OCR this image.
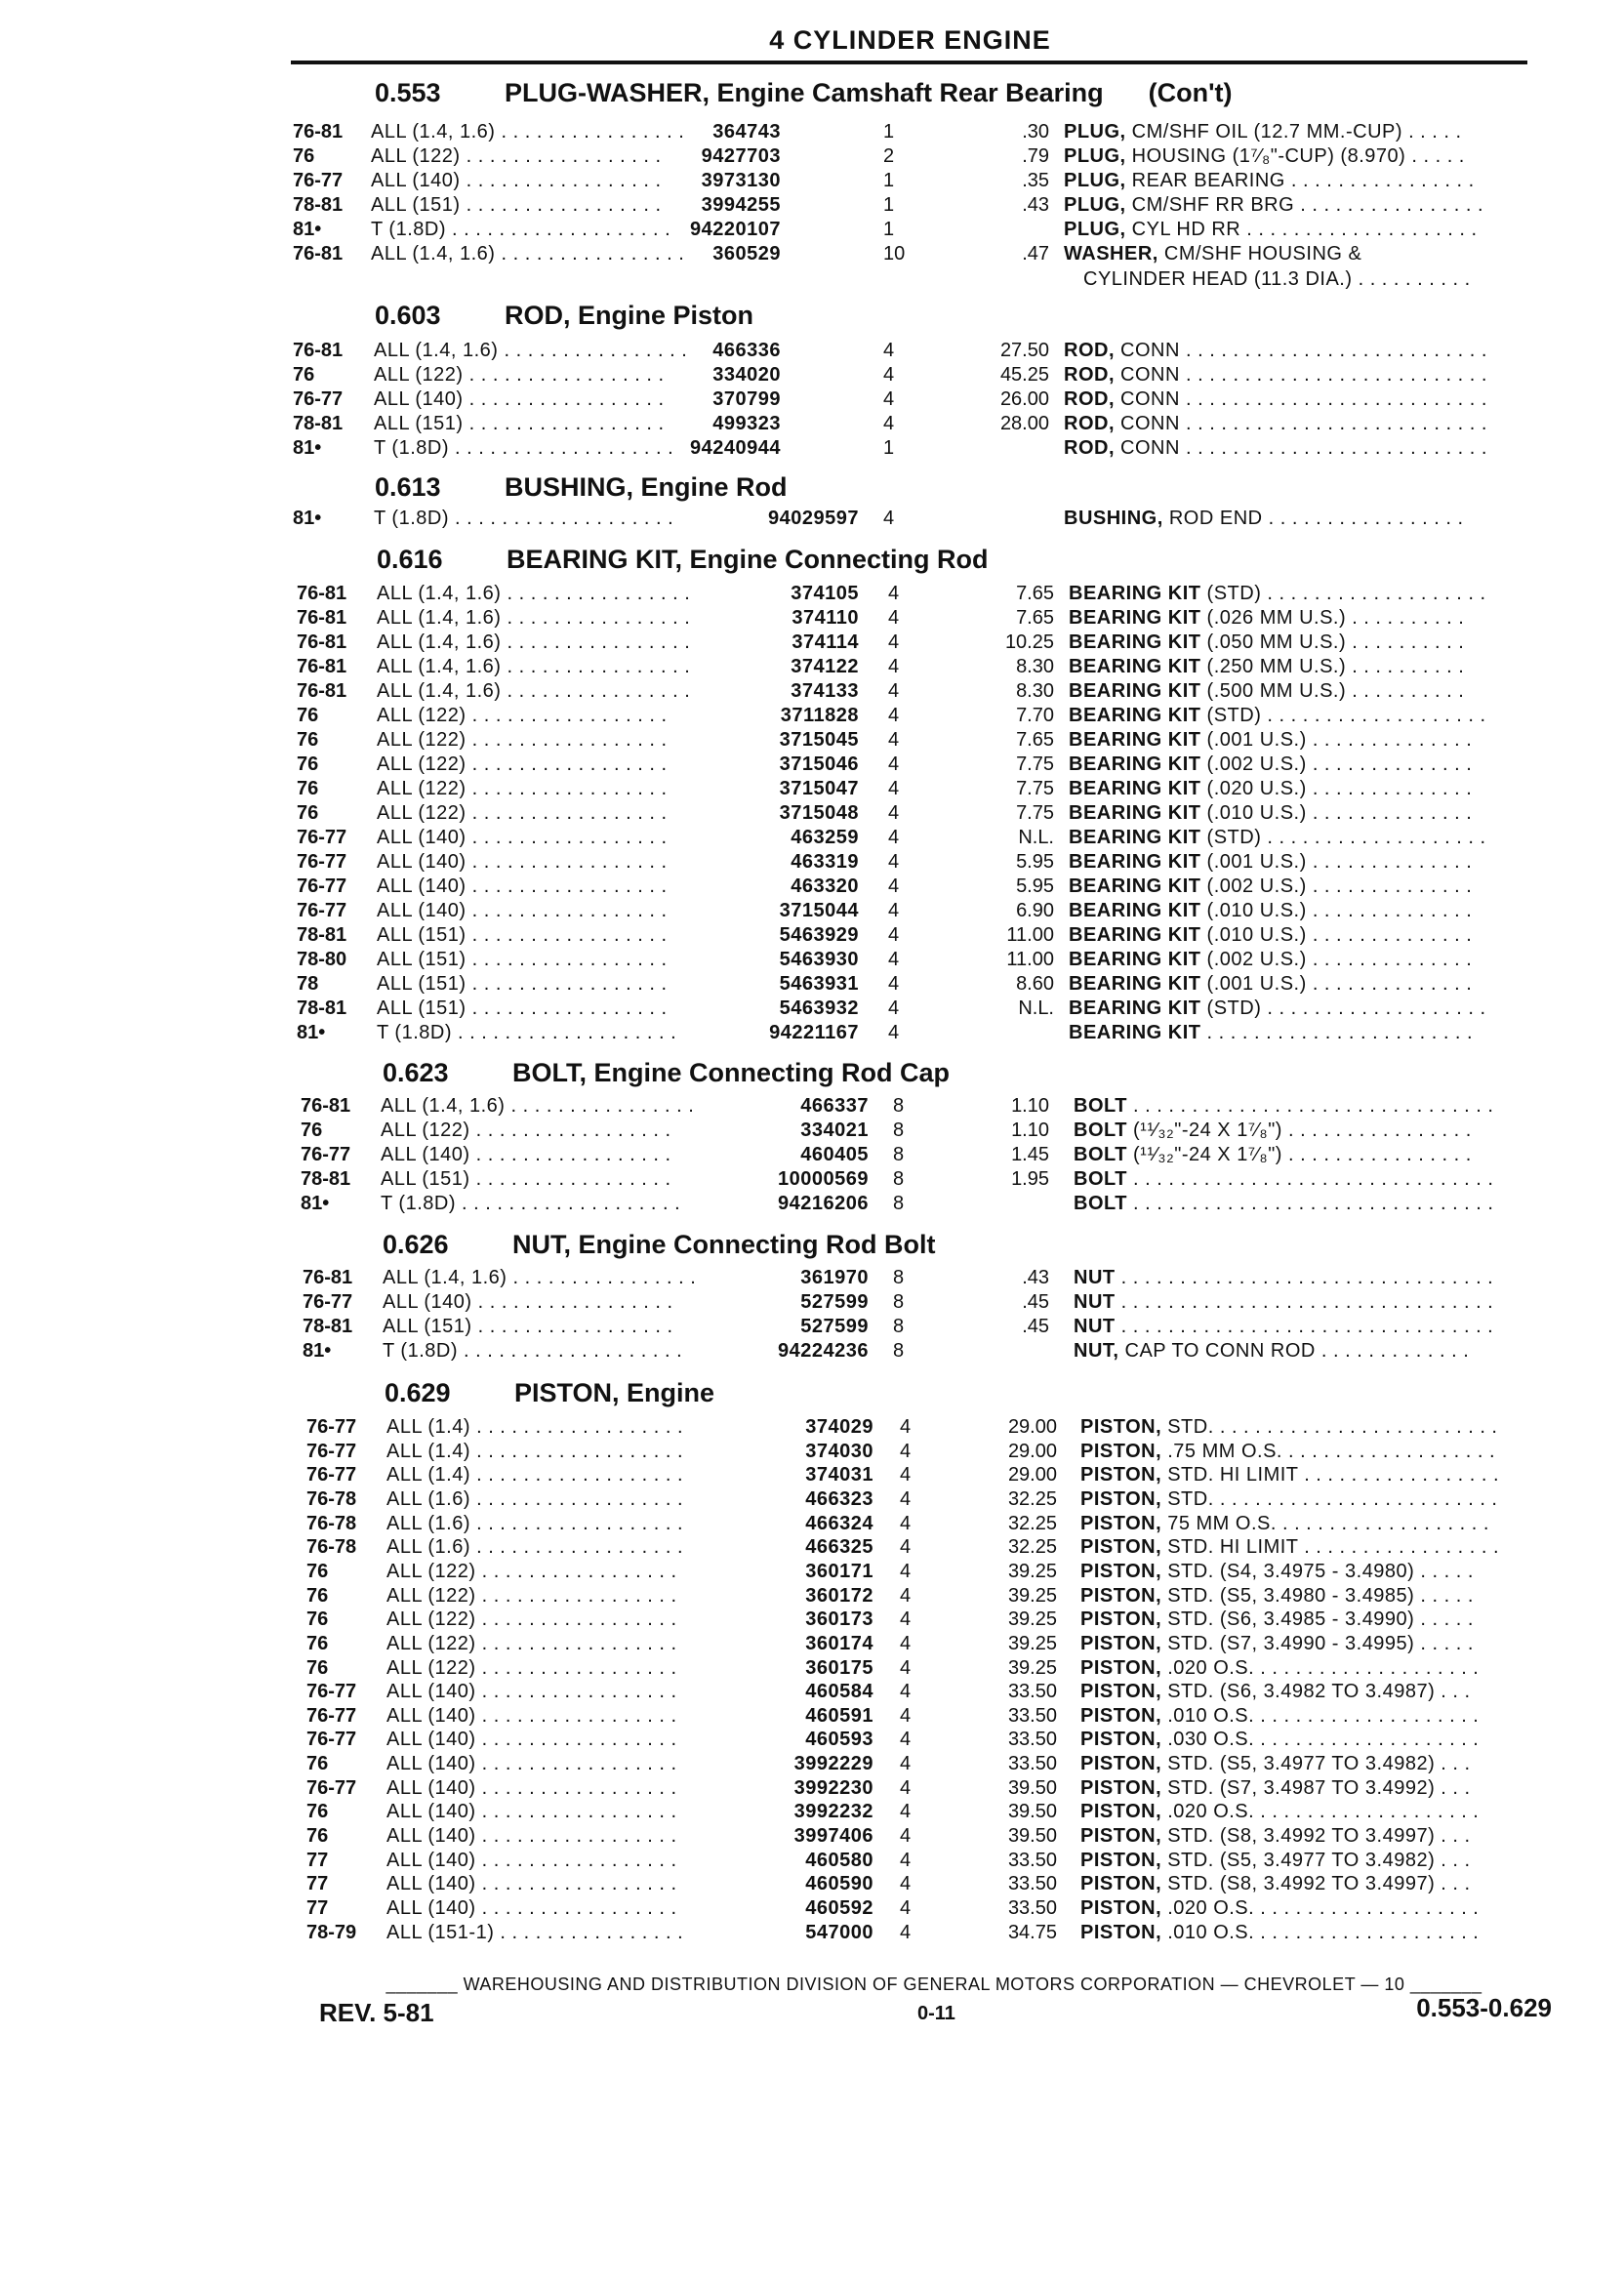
4 CYLINDER ENGINE
0.553 PLUG-WASHER, Engine Camshaft Rear Bearing (Con't)
76-81 ALL (1.4, 1.6) . . . . . . . . . . . . . . . .	364743	1	.30 PLUG, CM/SHF OIL (12.7 MM.-CUP) . . . . .
76	ALL (122) . . . . . . . . . . . . . . . . .	9427703	2	.79 PLUG, HOUSING (1⁷⁄₈"-CUP) (8.970) . . . . .
76-77 ALL (140) . . . . . . . . . . . . . . . . .	3973130	1	.35 PLUG, REAR BEARING . . . . . . . . . . . . . . . .
78-81 ALL (151) . . . . . . . . . . . . . . . . .	3994255	1	.43 PLUG, CM/SHF RR BRG . . . . . . . . . . . . . . . .
81•	T (1.8D) . . . . . . . . . . . . . . . . . . . 94220107	1	PLUG, CYL HD RR . . . . . . . . . . . . . . . . . . . .
76-81 ALL (1.4, 1.6) . . . . . . . . . . . . . . . .	360529	10	.47 WASHER, CM/SHF HOUSING &
CYLINDER HEAD (11.3 DIA.) . . . . . . . . . .
0.603 ROD, Engine Piston
76-81 ALL (1.4, 1.6) . . . . . . . . . . . . . . . .	466336	4	27.50 ROD, CONN . . . . . . . . . . . . . . . . . . . . . . . . . .
76	ALL (122) . . . . . . . . . . . . . . . . .	334020	4	45.25 ROD, CONN . . . . . . . . . . . . . . . . . . . . . . . . . .
76-77 ALL (140) . . . . . . . . . . . . . . . . .	370799	4	26.00 ROD, CONN . . . . . . . . . . . . . . . . . . . . . . . . . .
78-81 ALL (151) . . . . . . . . . . . . . . . . .	499323	4	28.00 ROD, CONN . . . . . . . . . . . . . . . . . . . . . . . . . .
81•	T (1.8D) . . . . . . . . . . . . . . . . . . . 94240944	1	ROD, CONN . . . . . . . . . . . . . . . . . . . . . . . . . .
0.613 BUSHING, Engine Rod
81•	T (1.8D) . . . . . . . . . . . . . . . . . . .	94029597 4	BUSHING, ROD END . . . . . . . . . . . . . . . . .
0.616 BEARING KIT, Engine Connecting Rod
76-81 ALL (1.4, 1.6) . . . . . . . . . . . . . . . .	374105 4	7.65 BEARING KIT (STD) . . . . . . . . . . . . . . . . . . .
76-81 ALL (1.4, 1.6) . . . . . . . . . . . . . . . .	374110 4	7.65 BEARING KIT (.026 MM U.S.) . . . . . . . . . .
76-81 ALL (1.4, 1.6) . . . . . . . . . . . . . . . .	374114 4	10.25 BEARING KIT (.050 MM U.S.) . . . . . . . . . .
76-81 ALL (1.4, 1.6) . . . . . . . . . . . . . . . .	374122 4	8.30 BEARING KIT (.250 MM U.S.) . . . . . . . . . .
76-81 ALL (1.4, 1.6) . . . . . . . . . . . . . . . .	374133 4	8.30 BEARING KIT (.500 MM U.S.) . . . . . . . . . .
76	ALL (122) . . . . . . . . . . . . . . . . .	3711828 4	7.70 BEARING KIT (STD) . . . . . . . . . . . . . . . . . . .
76	ALL (122) . . . . . . . . . . . . . . . . .	3715045 4	7.65 BEARING KIT (.001 U.S.) . . . . . . . . . . . . . .
76	ALL (122) . . . . . . . . . . . . . . . . .	3715046 4	7.75 BEARING KIT (.002 U.S.) . . . . . . . . . . . . . .
76	ALL (122) . . . . . . . . . . . . . . . . .	3715047 4	7.75 BEARING KIT (.020 U.S.) . . . . . . . . . . . . . .
76	ALL (122) . . . . . . . . . . . . . . . . .	3715048 4	7.75 BEARING KIT (.010 U.S.) . . . . . . . . . . . . . .
76-77 ALL (140) . . . . . . . . . . . . . . . . .	463259 4	N.L. BEARING KIT (STD) . . . . . . . . . . . . . . . . . . .
76-77 ALL (140) . . . . . . . . . . . . . . . . .	463319 4	5.95 BEARING KIT (.001 U.S.) . . . . . . . . . . . . . .
76-77 ALL (140) . . . . . . . . . . . . . . . . .	463320 4	5.95 BEARING KIT (.002 U.S.) . . . . . . . . . . . . . .
76-77 ALL (140) . . . . . . . . . . . . . . . . .	3715044 4	6.90 BEARING KIT (.010 U.S.) . . . . . . . . . . . . . .
78-81 ALL (151) . . . . . . . . . . . . . . . . .	5463929 4	11.00 BEARING KIT (.010 U.S.) . . . . . . . . . . . . . .
78-80 ALL (151) . . . . . . . . . . . . . . . . .	5463930 4	11.00 BEARING KIT (.002 U.S.) . . . . . . . . . . . . . .
78	ALL (151) . . . . . . . . . . . . . . . . .	5463931 4	8.60 BEARING KIT (.001 U.S.) . . . . . . . . . . . . . .
78-81 ALL (151) . . . . . . . . . . . . . . . . .	5463932 4	N.L. BEARING KIT (STD) . . . . . . . . . . . . . . . . . . .
81•	T (1.8D) . . . . . . . . . . . . . . . . . . .	94221167 4	BEARING KIT . . . . . . . . . . . . . . . . . . . . . . .
0.623 BOLT, Engine Connecting Rod Cap
76-81 ALL (1.4, 1.6) . . . . . . . . . . . . . . . .	466337 8	1.10 BOLT . . . . . . . . . . . . . . . . . . . . . . . . . . . . . . .
76	ALL (122) . . . . . . . . . . . . . . . . .	334021 8	1.10 BOLT (¹¹⁄₃₂"-24 X 1⁷⁄₈") . . . . . . . . . . . . . . . .
76-77 ALL (140) . . . . . . . . . . . . . . . . .	460405 8	1.45 BOLT (¹¹⁄₃₂"-24 X 1⁷⁄₈") . . . . . . . . . . . . . . . .
78-81 ALL (151) . . . . . . . . . . . . . . . . .	10000569 8	1.95 BOLT . . . . . . . . . . . . . . . . . . . . . . . . . . . . . . .
81•	T (1.8D) . . . . . . . . . . . . . . . . . . .	94216206 8	BOLT . . . . . . . . . . . . . . . . . . . . . . . . . . . . . . .
0.626 NUT, Engine Connecting Rod Bolt
76-81 ALL (1.4, 1.6) . . . . . . . . . . . . . . . .	361970 8	.43 NUT . . . . . . . . . . . . . . . . . . . . . . . . . . . . . . . .
76-77 ALL (140) . . . . . . . . . . . . . . . . .	527599 8	.45 NUT . . . . . . . . . . . . . . . . . . . . . . . . . . . . . . . .
78-81 ALL (151) . . . . . . . . . . . . . . . . .	527599 8	.45 NUT . . . . . . . . . . . . . . . . . . . . . . . . . . . . . . . .
81•	T (1.8D) . . . . . . . . . . . . . . . . . . .	94224236 8	NUT, CAP TO CONN ROD . . . . . . . . . . . . .
0.629 PISTON, Engine
76-77 ALL (1.4) . . . . . . . . . . . . . . . . . .	374029 4	29.00 PISTON, STD. . . . . . . . . . . . . . . . . . . . . . . . .
76-77 ALL (1.4) . . . . . . . . . . . . . . . . . .	374030 4	29.00 PISTON, .75 MM O.S. . . . . . . . . . . . . . . . . . .
76-77 ALL (1.4) . . . . . . . . . . . . . . . . . .	374031 4	29.00 PISTON, STD. HI LIMIT . . . . . . . . . . . . . . . . .
76-78 ALL (1.6) . . . . . . . . . . . . . . . . . .	466323 4	32.25 PISTON, STD. . . . . . . . . . . . . . . . . . . . . . . . .
76-78 ALL (1.6) . . . . . . . . . . . . . . . . . .	466324 4	32.25 PISTON, 75 MM O.S. . . . . . . . . . . . . . . . . . .
76-78 ALL (1.6) . . . . . . . . . . . . . . . . . .	466325 4	32.25 PISTON, STD. HI LIMIT . . . . . . . . . . . . . . . . .
76	ALL (122) . . . . . . . . . . . . . . . . .	360171 4	39.25 PISTON, STD. (S4, 3.4975 - 3.4980) . . . . .
76	ALL (122) . . . . . . . . . . . . . . . . .	360172 4	39.25 PISTON, STD. (S5, 3.4980 - 3.4985) . . . . .
76	ALL (122) . . . . . . . . . . . . . . . . .	360173 4	39.25 PISTON, STD. (S6, 3.4985 - 3.4990) . . . . .
76	ALL (122) . . . . . . . . . . . . . . . . .	360174 4	39.25 PISTON, STD. (S7, 3.4990 - 3.4995) . . . . .
76	ALL (122) . . . . . . . . . . . . . . . . .	360175 4	39.25 PISTON, .020 O.S. . . . . . . . . . . . . . . . . . . .
76-77 ALL (140) . . . . . . . . . . . . . . . . .	460584 4	33.50 PISTON, STD. (S6, 3.4982 TO 3.4987) . . .
76-77 ALL (140) . . . . . . . . . . . . . . . . .	460591 4	33.50 PISTON, .010 O.S. . . . . . . . . . . . . . . . . . . .
76-77 ALL (140) . . . . . . . . . . . . . . . . .	460593 4	33.50 PISTON, .030 O.S. . . . . . . . . . . . . . . . . . . .
76	ALL (140) . . . . . . . . . . . . . . . . .	3992229 4	33.50 PISTON, STD. (S5, 3.4977 TO 3.4982) . . .
76-77 ALL (140) . . . . . . . . . . . . . . . . .	3992230 4	39.50 PISTON, STD. (S7, 3.4987 TO 3.4992) . . .
76	ALL (140) . . . . . . . . . . . . . . . . .	3992232 4	39.50 PISTON, .020 O.S. . . . . . . . . . . . . . . . . . . .
76	ALL (140) . . . . . . . . . . . . . . . . .	3997406 4	39.50 PISTON, STD. (S8, 3.4992 TO 3.4997) . . .
77	ALL (140) . . . . . . . . . . . . . . . . .	460580 4	33.50 PISTON, STD. (S5, 3.4977 TO 3.4982) . . .
77	ALL (140) . . . . . . . . . . . . . . . . .	460590 4	33.50 PISTON, STD. (S8, 3.4992 TO 3.4997) . . .
77	ALL (140) . . . . . . . . . . . . . . . . .	460592 4	33.50 PISTON, .020 O.S. . . . . . . . . . . . . . . . . . . .
78-79 ALL (151-1) . . . . . . . . . . . . . . . .	547000 4	34.75 PISTON, .010 O.S. . . . . . . . . . . . . . . . . . . .
_______ WAREHOUSING AND DISTRIBUTION DIVISION OF GENERAL MOTORS CORPORATION — CHEVROLET — 10 _______
REV. 5-81	0-11	0.553-0.629
